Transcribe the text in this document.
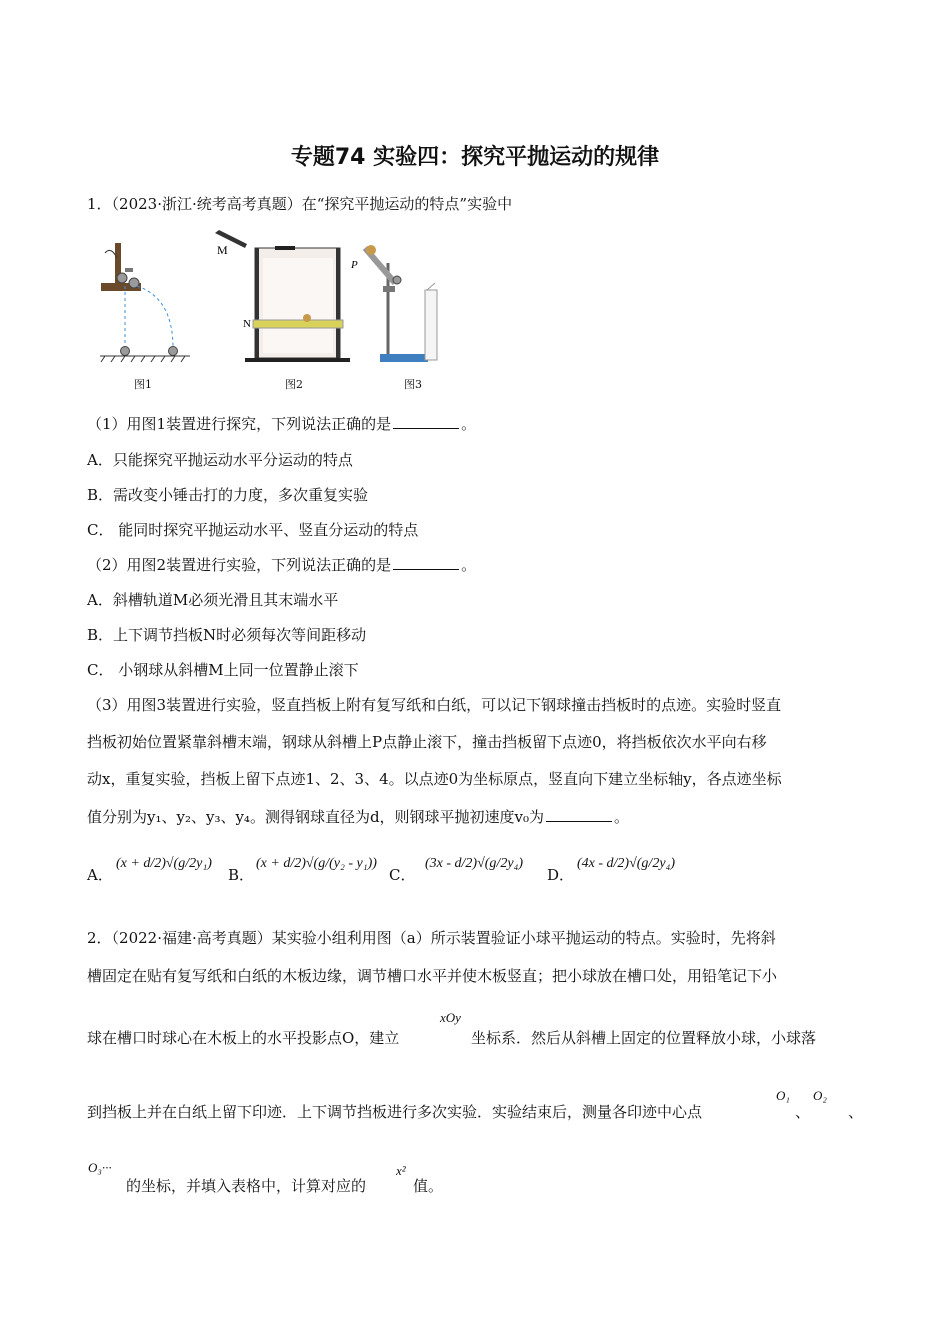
专题74 实验四：探究平抛运动的规律
1．（2023·浙江·统考高考真题）在“探究平抛运动的特点”实验中
M
N
P
图1	图2	图3
（1）用图1装置进行探究，下列说法正确的是	。
A．只能探究平抛运动水平分运动的特点
B．需改变小锤击打的力度，多次重复实验
C． 能同时探究平抛运动水平、竖直分运动的特点
（2）用图2装置进行实验，下列说法正确的是	。
A．斜槽轨道M必须光滑且其末端水平
B．上下调节挡板N时必须每次等间距移动
C． 小钢球从斜槽M上同一位置静止滚下
（3）用图3装置进行实验，竖直挡板上附有复写纸和白纸，可以记下钢球撞击挡板时的点迹。实验时竖直
挡板初始位置紧靠斜槽末端，钢球从斜槽上P点静止滚下，撞击挡板留下点迹0，将挡板依次水平向右移
动x，重复实验，挡板上留下点迹1、2、3、4。以点迹0为坐标原点，竖直向下建立坐标轴y，各点迹坐标
值分别为y₁、y₂、y₃、y₄。测得钢球直径为d，则钢球平抛初速度v₀为	。
A．
(x + d/2)√(g/2y₁)
B．
(x + d/2)√(g/(y₂ - y₁))
C．
(3x - d/2)√(g/2y₄)
D．
(4x - d/2)√(g/2y₄)
2．（2022·福建·高考真题）某实验小组利用图（a）所示装置验证小球平抛运动的特点。实验时，先将斜
槽固定在贴有复写纸和白纸的木板边缘，调节槽口水平并使木板竖直；把小球放在槽口处，用铅笔记下小
球在槽口时球心在木板上的水平投影点O，建立
xOy
坐标系．然后从斜槽上固定的位置释放小球，小球落
到挡板上并在白纸上留下印迹．上下调节挡板进行多次实验．实验结束后，测量各印迹中心点
O₁
、
O₂
、
O₃···
的坐标，并填入表格中，计算对应的
x²
值。
